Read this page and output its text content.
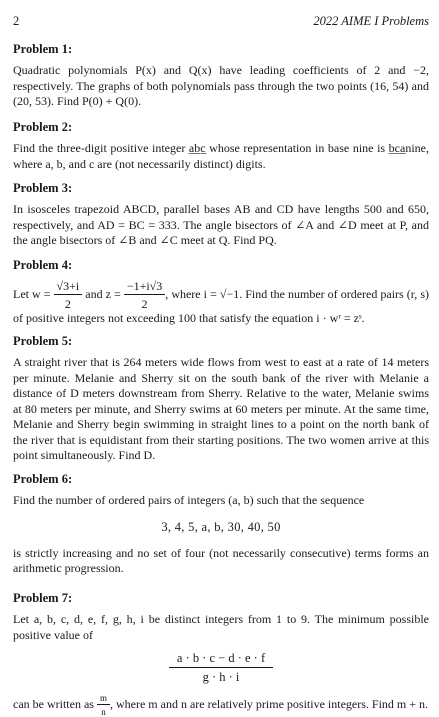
2	2022 AIME I Problems
Problem 1:
Quadratic polynomials P(x) and Q(x) have leading coefficients of 2 and −2, respectively. The graphs of both polynomials pass through the two points (16, 54) and (20, 53). Find P(0) + Q(0).
Problem 2:
Find the three-digit positive integer a̲b̲c̲ whose representation in base nine is b̲c̲a̲nine, where a, b, and c are (not necessarily distinct) digits.
Problem 3:
In isosceles trapezoid ABCD, parallel bases AB and CD have lengths 500 and 650, respectively, and AD = BC = 333. The angle bisectors of ∠A and ∠D meet at P, and the angle bisectors of ∠B and ∠C meet at Q. Find PQ.
Problem 4:
Let $w = \frac{√3+i}{2}$ and $z = \frac{-1+i√3}{2}$ , where i = √−1. Find the number of ordered pairs (r, s) of positive integers not exceeding 100 that satisfy the equation i · wʳ = zˢ.
Problem 5:
A straight river that is 264 meters wide flows from west to east at a rate of 14 meters per minute. Melanie and Sherry sit on the south bank of the river with Melanie a distance of D meters downstream from Sherry. Relative to the water, Melanie swims at 80 meters per minute, and Sherry swims at 60 meters per minute. At the same time, Melanie and Sherry begin swimming in straight lines to a point on the north bank of the river that is equidistant from their starting positions. The two women arrive at this point simultaneously. Find D.
Problem 6:
Find the number of ordered pairs of integers (a, b) such that the sequence
3, 4, 5, a, b, 30, 40, 50
is strictly increasing and no set of four (not necessarily consecutive) terms forms an arithmetic progression.
Problem 7:
Let a, b, c, d, e, f, g, h, i be distinct integers from 1 to 9. The minimum possible positive value of
$\frac{a \cdot b \cdot c - d \cdot e \cdot f}{g \cdot h \cdot i}$
can be written as $\frac{m}{n}$ , where m and n are relatively prime positive integers. Find m + n.
